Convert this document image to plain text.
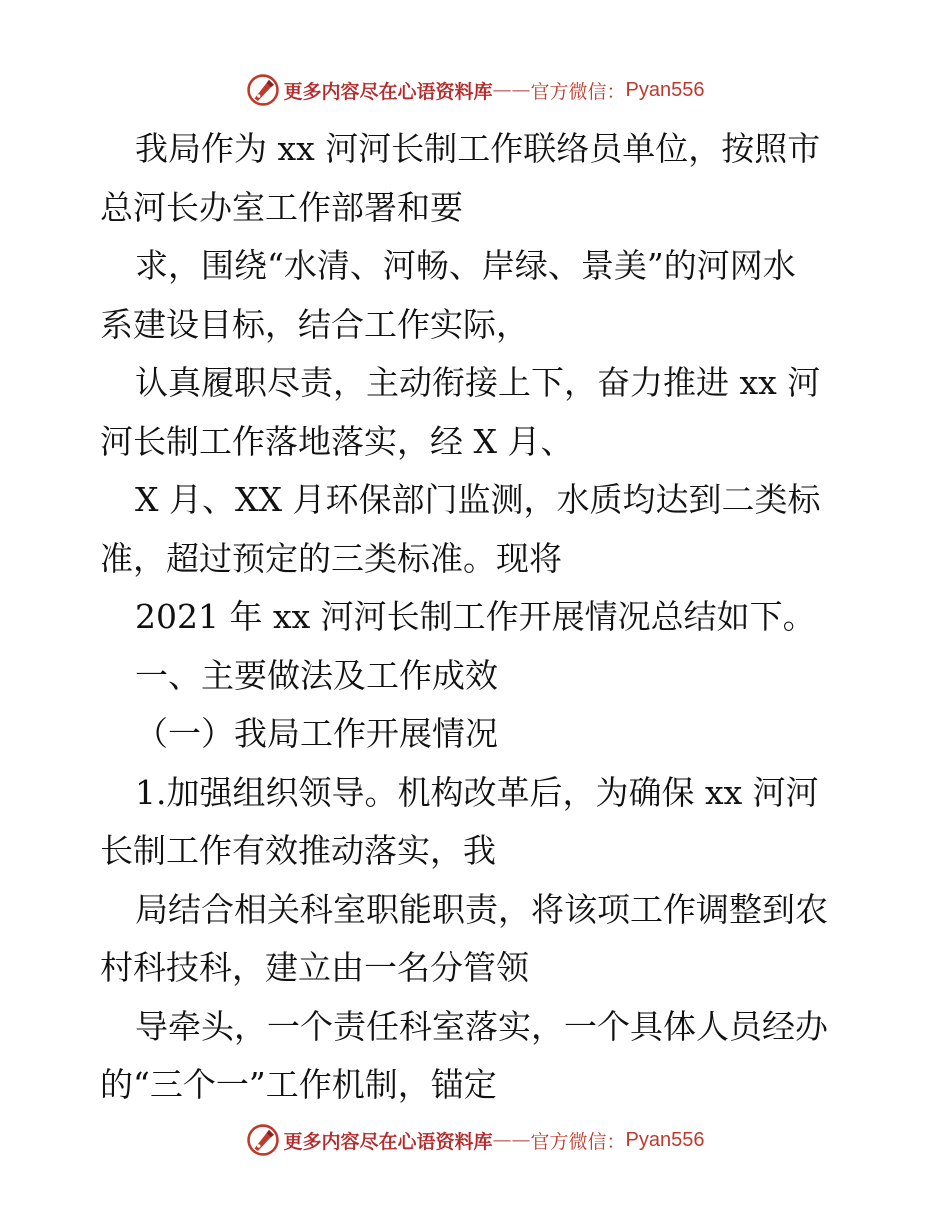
更多内容尽在心语资料库 —— 官方微信： Pyan556
我局作为 xx 河河长制工作联络员单位，按照市
总河长办室工作部署和要
求，围绕“水清、河畅、岸绿、景美”的河网水
系建设目标，结合工作实际，
认真履职尽责，主动衔接上下，奋力推进 xx 河
河长制工作落地落实，经 X 月、
X 月、XX 月环保部门监测，水质均达到二类标
准，超过预定的三类标准。现将
2021 年 xx 河河长制工作开展情况总结如下。
一、主要做法及工作成效
（一）我局工作开展情况
1.加强组织领导。机构改革后，为确保 xx 河河
长制工作有效推动落实，我
局结合相关科室职能职责，将该项工作调整到农
村科技科，建立由一名分管领
导牵头，一个责任科室落实，一个具体人员经办
的“三个一”工作机制，锚定
更多内容尽在心语资料库 —— 官方微信： Pyan556
